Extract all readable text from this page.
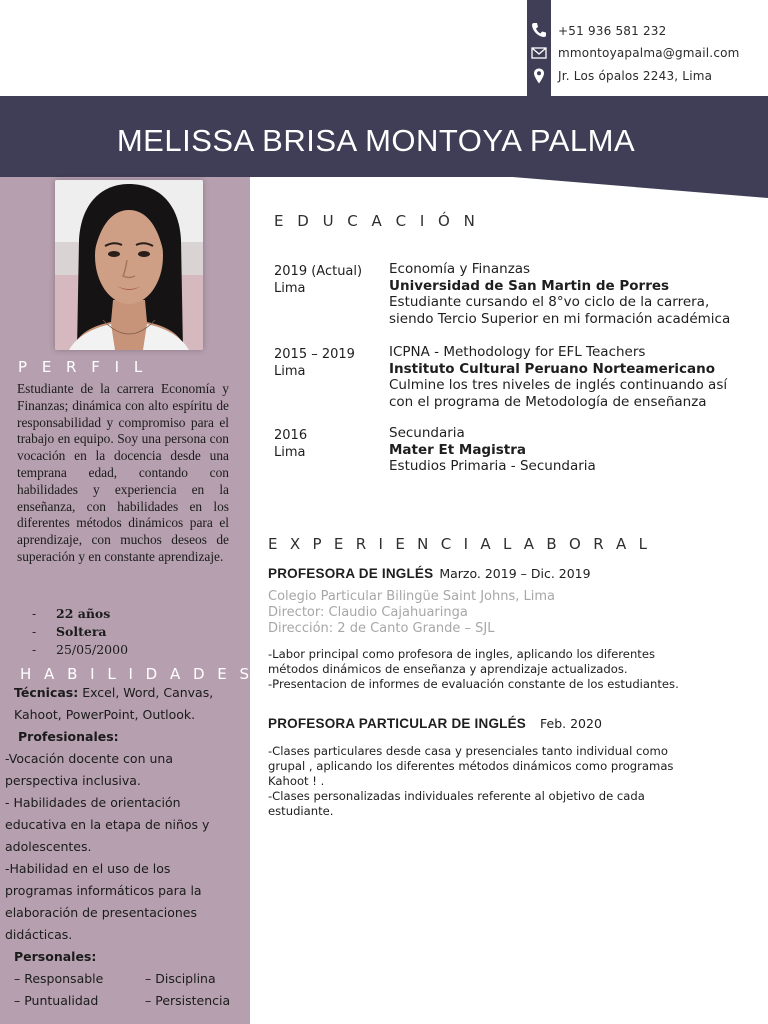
+51 936 581 232
mmontoyapalma@gmail.com
Jr. Los ópalos 2243, Lima
MELISSA BRISA MONTOYA PALMA
P E R F I L
Estudiante de la carrera Economía y Finanzas; dinámica con alto espíritu de responsabilidad y compromiso para el trabajo en equipo. Soy una persona con vocación en la docencia desde una temprana edad, contando con habilidades y experiencia en la enseñanza, con habilidades en los diferentes métodos dinámicos para el aprendizaje, con muchos deseos de superación y en constante aprendizaje.
- 22 años
- Soltera
- 25/05/2000
H A B I L I D A D E S
Técnicas: Excel, Word, Canvas,
Kahoot, PowerPoint, Outlook.
Profesionales:
-Vocación docente con una
perspectiva inclusiva.
- Habilidades de orientación
educativa en la etapa de niños y
adolescentes.
-Habilidad en el uso de los
programas informáticos para la
elaboración de presentaciones
didácticas.
Personales:
– Responsable	– Disciplina
– Puntualidad	– Persistencia
E D U C A C I Ó N
2019 (Actual)
Lima
Economía y Finanzas
Universidad de San Martin de Porres
Estudiante cursando el 8°vo ciclo de la carrera,
siendo Tercio Superior en mi formación académica
2015 – 2019
Lima
ICPNA - Methodology for EFL Teachers
Instituto Cultural Peruano Norteamericano
Culmine los tres niveles de inglés continuando así
con el programa de Metodología de enseñanza
2016
Lima
Secundaria
Mater Et Magistra
Estudios Primaria - Secundaria
E X P E R I E N C I A L A B O R A L
PROFESORA DE INGLÉS Marzo. 2019 – Dic. 2019
Colegio Particular Bilingüe Saint Johns, Lima
Director: Claudio Cajahuaringa
Dirección: 2 de Canto Grande – SJL
-Labor principal como profesora de ingles, aplicando los diferentes
métodos dinámicos de enseñanza y aprendizaje actualizados.
-Presentacion de informes de evaluación constante de los estudiantes.
PROFESORA PARTICULAR DE INGLÉS Feb. 2020
-Clases particulares desde casa y presenciales tanto individual como
grupal , aplicando los diferentes métodos dinámicos como programas
Kahoot ! .
-Clases personalizadas individuales referente al objetivo de cada
estudiante.
